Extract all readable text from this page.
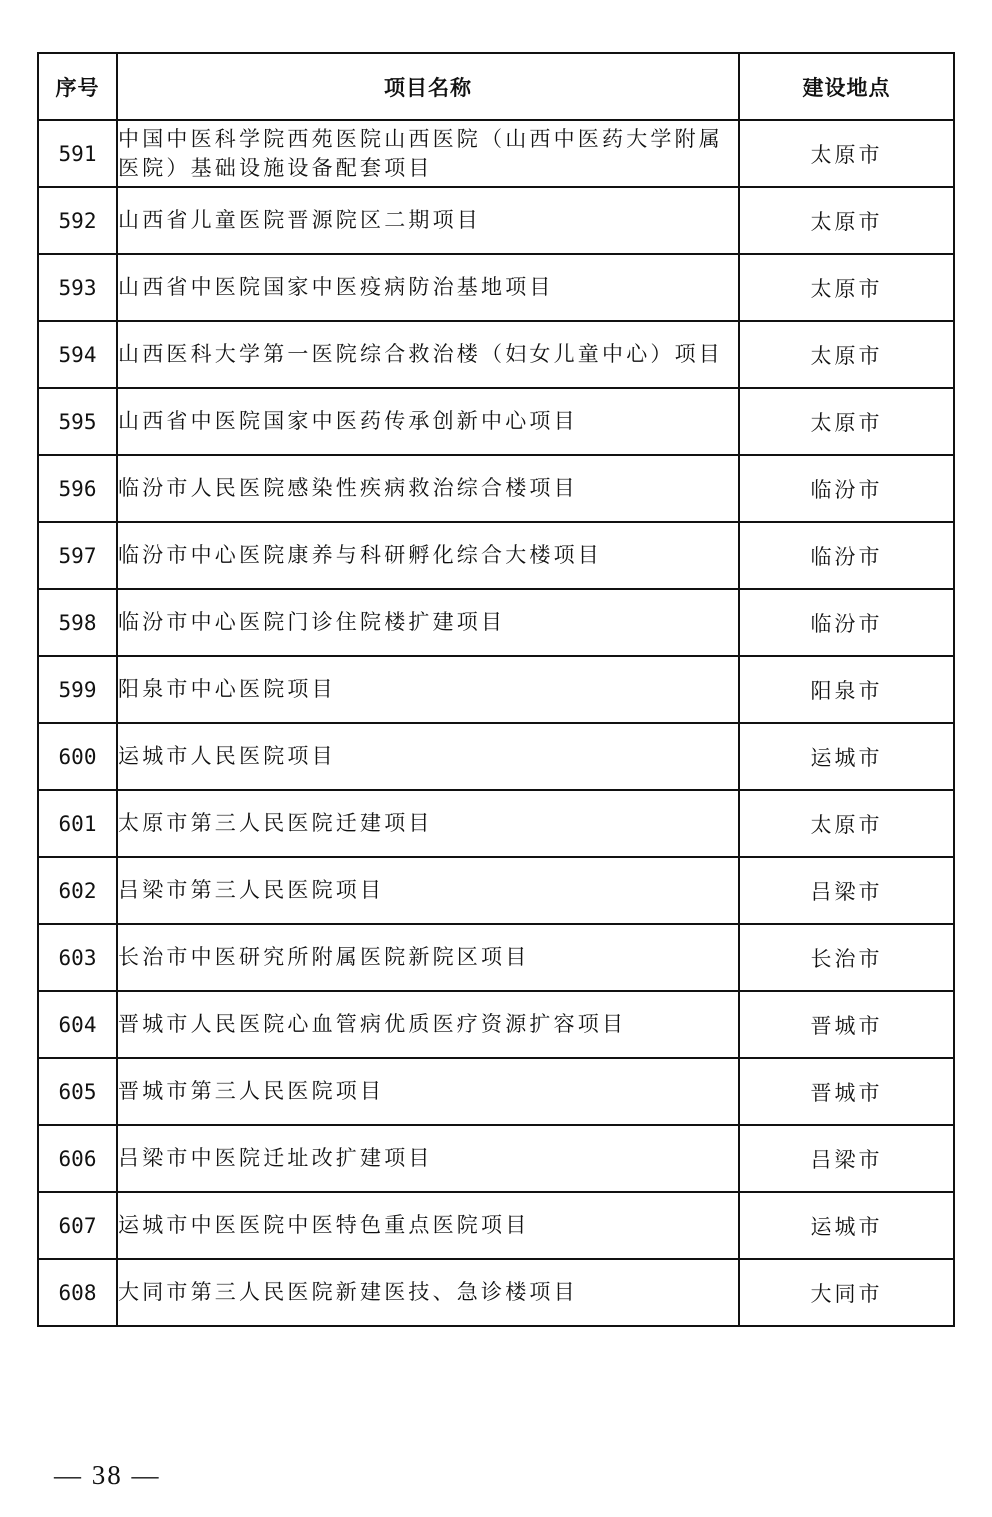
序号	项目名称	建设地点
591	中国中医科学院西苑医院山西医院（山西中医药大学附属医院）基础设施设备配套项目	太原市
592	山西省儿童医院晋源院区二期项目	太原市
593	山西省中医院国家中医疫病防治基地项目	太原市
594	山西医科大学第一医院综合救治楼（妇女儿童中心）项目	太原市
595	山西省中医院国家中医药传承创新中心项目	太原市
596	临汾市人民医院感染性疾病救治综合楼项目	临汾市
597	临汾市中心医院康养与科研孵化综合大楼项目	临汾市
598	临汾市中心医院门诊住院楼扩建项目	临汾市
599	阳泉市中心医院项目	阳泉市
600	运城市人民医院项目	运城市
601	太原市第三人民医院迁建项目	太原市
602	吕梁市第三人民医院项目	吕梁市
603	长治市中医研究所附属医院新院区项目	长治市
604	晋城市人民医院心血管病优质医疗资源扩容项目	晋城市
605	晋城市第三人民医院项目	晋城市
606	吕梁市中医院迁址改扩建项目	吕梁市
607	运城市中医医院中医特色重点医院项目	运城市
608	大同市第三人民医院新建医技、急诊楼项目	大同市
— 38 —
